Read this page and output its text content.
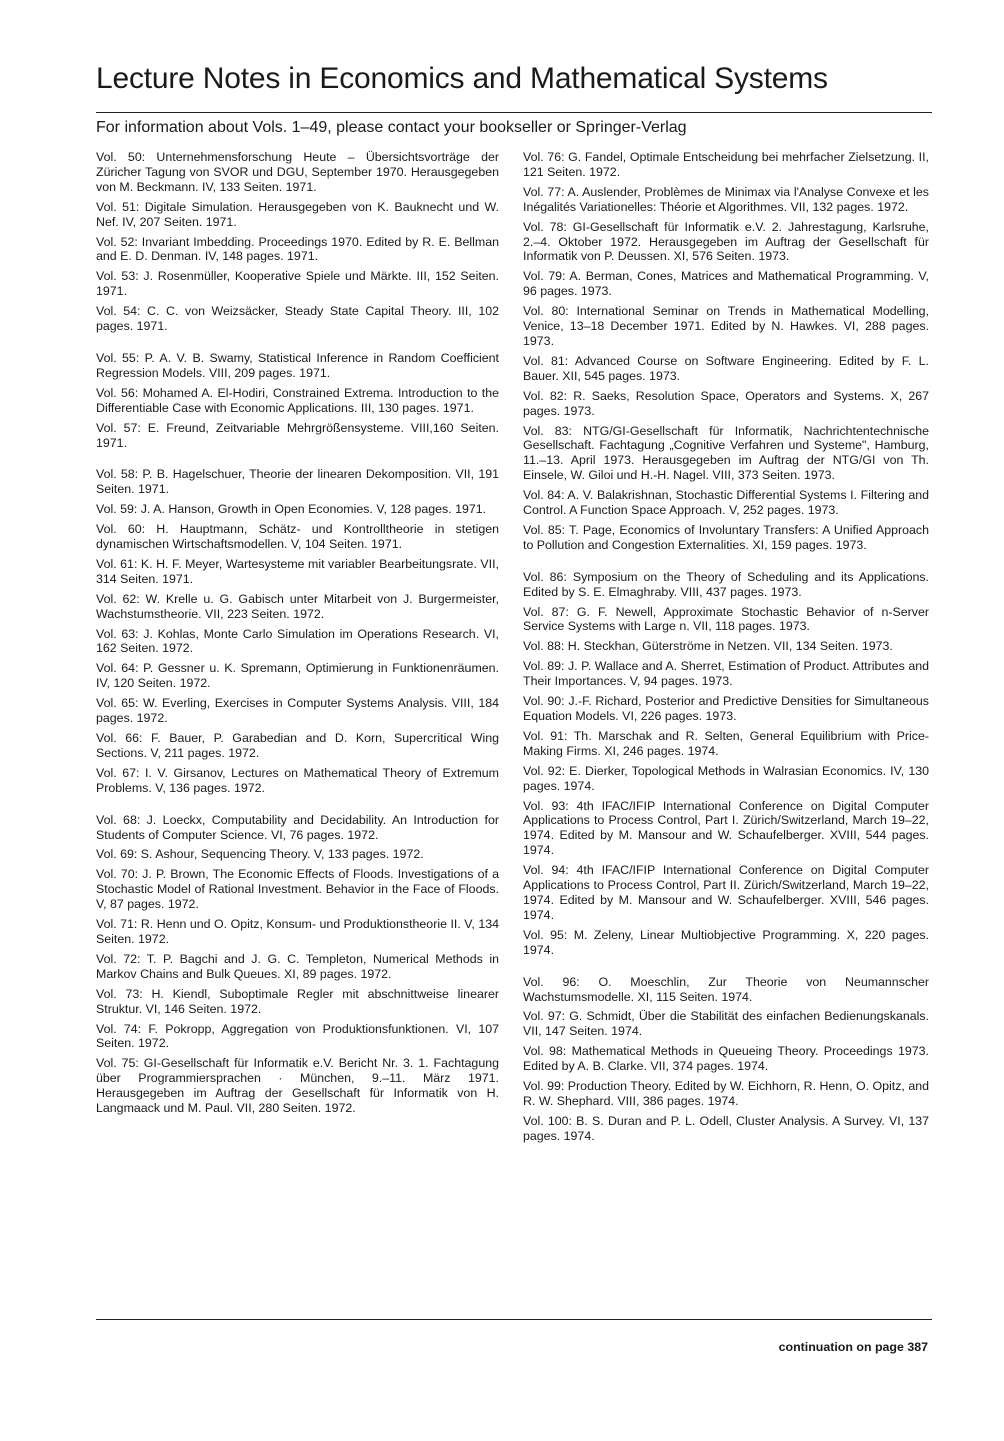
Lecture Notes in Economics and Mathematical Systems
For information about Vols. 1–49, please contact your bookseller or Springer-Verlag

Vol. 50: Unternehmensforschung Heute – Übersichtsvorträge der Züricher Tagung von SVOR und DGU, September 1970. Herausgegeben von M. Beckmann. IV, 133 Seiten. 1971.

Vol. 51: Digitale Simulation. Herausgegeben von K. Bauknecht und W. Nef. IV, 207 Seiten. 1971.

Vol. 52: Invariant Imbedding. Proceedings 1970. Edited by R. E. Bellman and E. D. Denman. IV, 148 pages. 1971.

Vol. 53: J. Rosenmüller, Kooperative Spiele und Märkte. III, 152 Seiten. 1971.

Vol. 54: C. C. von Weizsäcker, Steady State Capital Theory. III, 102 pages. 1971.

Vol. 55: P. A. V. B. Swamy, Statistical Inference in Random Coefficient Regression Models. VIII, 209 pages. 1971.

Vol. 56: Mohamed A. El-Hodiri, Constrained Extrema. Introduction to the Differentiable Case with Economic Applications. III, 130 pages. 1971.

Vol. 57: E. Freund, Zeitvariable Mehrgrößensysteme. VIII,160 Seiten. 1971.

Vol. 58: P. B. Hagelschuer, Theorie der linearen Dekomposition. VII, 191 Seiten. 1971.

Vol. 59: J. A. Hanson, Growth in Open Economies. V, 128 pages. 1971.

Vol. 60: H. Hauptmann, Schätz- und Kontrolltheorie in stetigen dynamischen Wirtschaftsmodellen. V, 104 Seiten. 1971.

Vol. 61: K. H. F. Meyer, Wartesysteme mit variabler Bearbeitungsrate. VII, 314 Seiten. 1971.

Vol. 62: W. Krelle u. G. Gabisch unter Mitarbeit von J. Burgermeister, Wachstumstheorie. VII, 223 Seiten. 1972.

Vol. 63: J. Kohlas, Monte Carlo Simulation im Operations Research. VI, 162 Seiten. 1972.

Vol. 64: P. Gessner u. K. Spremann, Optimierung in Funktionenräumen. IV, 120 Seiten. 1972.

Vol. 65: W. Everling, Exercises in Computer Systems Analysis. VIII, 184 pages. 1972.

Vol. 66: F. Bauer, P. Garabedian and D. Korn, Supercritical Wing Sections. V, 211 pages. 1972.

Vol. 67: I. V. Girsanov, Lectures on Mathematical Theory of Extremum Problems. V, 136 pages. 1972.

Vol. 68: J. Loeckx, Computability and Decidability. An Introduction for Students of Computer Science. VI, 76 pages. 1972.

Vol. 69: S. Ashour, Sequencing Theory. V, 133 pages. 1972.

Vol. 70: J. P. Brown, The Economic Effects of Floods. Investigations of a Stochastic Model of Rational Investment. Behavior in the Face of Floods. V, 87 pages. 1972.

Vol. 71: R. Henn und O. Opitz, Konsum- und Produktionstheorie II. V, 134 Seiten. 1972.

Vol. 72: T. P. Bagchi and J. G. C. Templeton, Numerical Methods in Markov Chains and Bulk Queues. XI, 89 pages. 1972.

Vol. 73: H. Kiendl, Suboptimale Regler mit abschnittweise linearer Struktur. VI, 146 Seiten. 1972.

Vol. 74: F. Pokropp, Aggregation von Produktionsfunktionen. VI, 107 Seiten. 1972.

Vol. 75: GI-Gesellschaft für Informatik e.V. Bericht Nr. 3. 1. Fachtagung über Programmiersprachen · München, 9.–11. März 1971. Herausgegeben im Auftrag der Gesellschaft für Informatik von H. Langmaack und M. Paul. VII, 280 Seiten. 1972.

Vol. 76: G. Fandel, Optimale Entscheidung bei mehrfacher Zielsetzung. II, 121 Seiten. 1972.

Vol. 77: A. Auslender, Problèmes de Minimax via l'Analyse Convexe et les Inégalités Variationelles: Théorie et Algorithmes. VII, 132 pages. 1972.

Vol. 78: GI-Gesellschaft für Informatik e.V. 2. Jahrestagung, Karlsruhe, 2.–4. Oktober 1972. Herausgegeben im Auftrag der Gesellschaft für Informatik von P. Deussen. XI, 576 Seiten. 1973.

Vol. 79: A. Berman, Cones, Matrices and Mathematical Programming. V, 96 pages. 1973.

Vol. 80: International Seminar on Trends in Mathematical Modelling, Venice, 13–18 December 1971. Edited by N. Hawkes. VI, 288 pages. 1973.

Vol. 81: Advanced Course on Software Engineering. Edited by F. L. Bauer. XII, 545 pages. 1973.

Vol. 82: R. Saeks, Resolution Space, Operators and Systems. X, 267 pages. 1973.

Vol. 83: NTG/GI-Gesellschaft für Informatik, Nachrichtentechnische Gesellschaft. Fachtagung „Cognitive Verfahren und Systeme", Hamburg, 11.–13. April 1973. Herausgegeben im Auftrag der NTG/GI von Th. Einsele, W. Giloi und H.-H. Nagel. VIII, 373 Seiten. 1973.

Vol. 84: A. V. Balakrishnan, Stochastic Differential Systems I. Filtering and Control. A Function Space Approach. V, 252 pages. 1973.

Vol. 85: T. Page, Economics of Involuntary Transfers: A Unified Approach to Pollution and Congestion Externalities. XI, 159 pages. 1973.

Vol. 86: Symposium on the Theory of Scheduling and its Applications. Edited by S. E. Elmaghraby. VIII, 437 pages. 1973.

Vol. 87: G. F. Newell, Approximate Stochastic Behavior of n-Server Service Systems with Large n. VII, 118 pages. 1973.

Vol. 88: H. Steckhan, Güterströme in Netzen. VII, 134 Seiten. 1973.

Vol. 89: J. P. Wallace and A. Sherret, Estimation of Product. Attributes and Their Importances. V, 94 pages. 1973.

Vol. 90: J.-F. Richard, Posterior and Predictive Densities for Simultaneous Equation Models. VI, 226 pages. 1973.

Vol. 91: Th. Marschak and R. Selten, General Equilibrium with Price-Making Firms. XI, 246 pages. 1974.

Vol. 92: E. Dierker, Topological Methods in Walrasian Economics. IV, 130 pages. 1974.

Vol. 93: 4th IFAC/IFIP International Conference on Digital Computer Applications to Process Control, Part I. Zürich/Switzerland, March 19–22, 1974. Edited by M. Mansour and W. Schaufelberger. XVIII, 544 pages. 1974.

Vol. 94: 4th IFAC/IFIP International Conference on Digital Computer Applications to Process Control, Part II. Zürich/Switzerland, March 19–22, 1974. Edited by M. Mansour and W. Schaufelberger. XVIII, 546 pages. 1974.

Vol. 95: M. Zeleny, Linear Multiobjective Programming. X, 220 pages. 1974.

Vol. 96: O. Moeschlin, Zur Theorie von Neumannscher Wachstumsmodelle. XI, 115 Seiten. 1974.

Vol. 97: G. Schmidt, Über die Stabilität des einfachen Bedienungskanals. VII, 147 Seiten. 1974.

Vol. 98: Mathematical Methods in Queueing Theory. Proceedings 1973. Edited by A. B. Clarke. VII, 374 pages. 1974.

Vol. 99: Production Theory. Edited by W. Eichhorn, R. Henn, O. Opitz, and R. W. Shephard. VIII, 386 pages. 1974.

Vol. 100: B. S. Duran and P. L. Odell, Cluster Analysis. A Survey. VI, 137 pages. 1974.

continuation on page 387
